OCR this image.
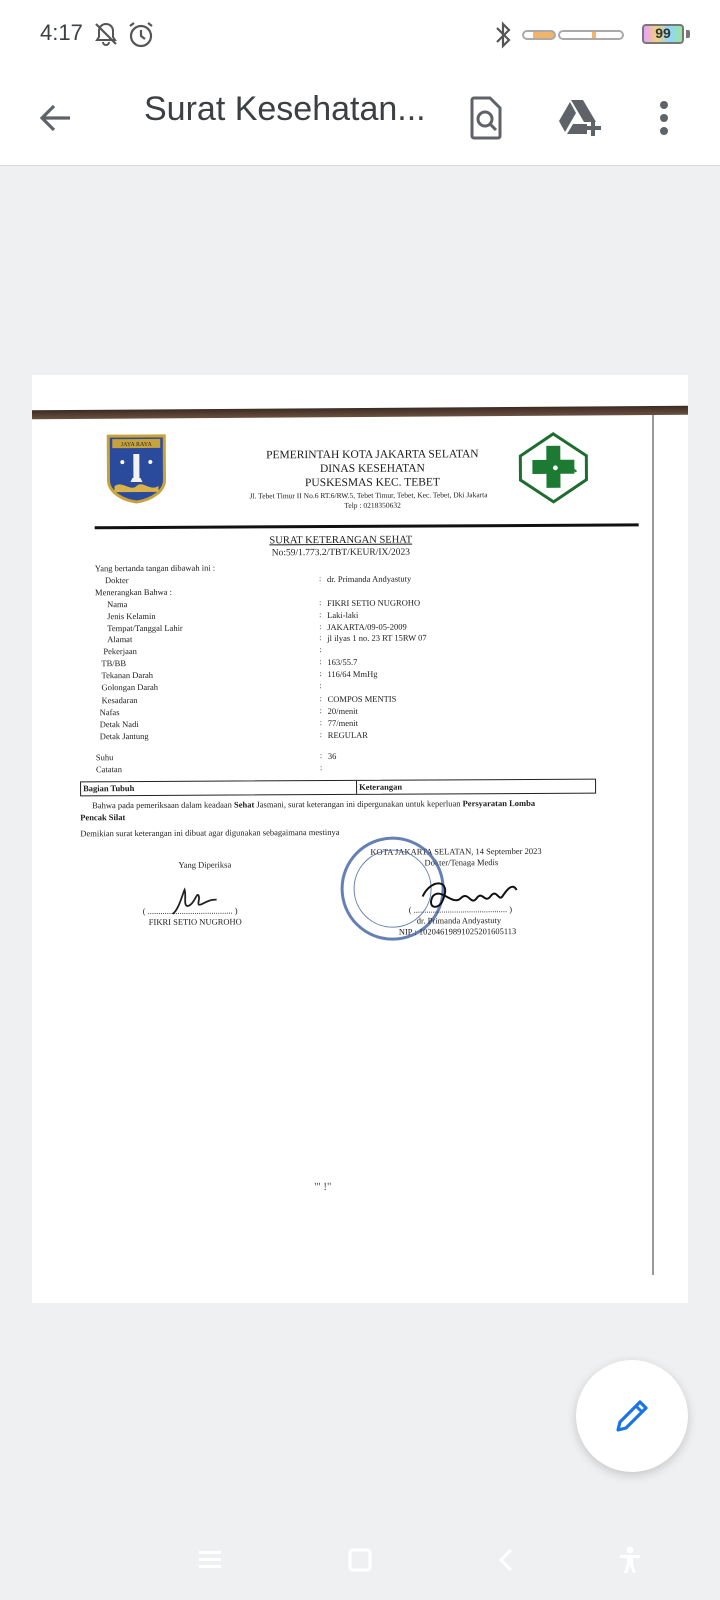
4:17	99
Surat Kesehatan...
JAYA RAYA
PEMERINTAH KOTA JAKARTA SELATAN
DINAS KESEHATAN
PUSKESMAS KEC. TEBET
Jl. Tebet Timur II No.6 RT.6/RW.5, Tebet Timur, Tebet, Kec. Tebet, Dki Jakarta
Telp : 0218350632
SURAT KETERANGAN SEHAT
No:59/1.773.2/TBT/KEUR/IX/2023
Yang bertanda tangan dibawah ini :
Dokter	: dr. Primanda Andyastuty
Menerangkan Bahwa :
Nama	: FIKRI SETIO NUGROHO
Jenis Kelamin	: Laki-laki
Tempat/Tanggal Lahir	: JAKARTA/09-05-2009
Alamat	: jl ilyas 1 no. 23 RT 15RW 07
Pekerjaan	:
TB/BB	: 163/55.7
Tekanan Darah	: 116/64 MmHg
Golongan Darah	:
Kesadaran	: COMPOS MENTIS
Nafas	: 20/menit
Detak Nadi	: 77/menit
Detak Jantung	: REGULAR
Suhu	: 36
Catatan	:
Bagian Tubuh	Keterangan
Bahwa pada pemeriksaan dalam keadaan Sehat Jasmani, surat keterangan ini dipergunakan untuk keperluan Persyaratan Lomba
Pencak Silat
Demikian surat keterangan ini dibuat agar digunakan sebagaimana mestinya
KOTA JAKARTA SELATAN, 14 September 2023
Dokter/Tenaga Medis
Yang Diperiksa
( ........................................ )
FIKRI SETIO NUGROHO
( ............................................ )
dr. Primanda Andyastuty
NIP : 1020461989102520160511З
"' !"
